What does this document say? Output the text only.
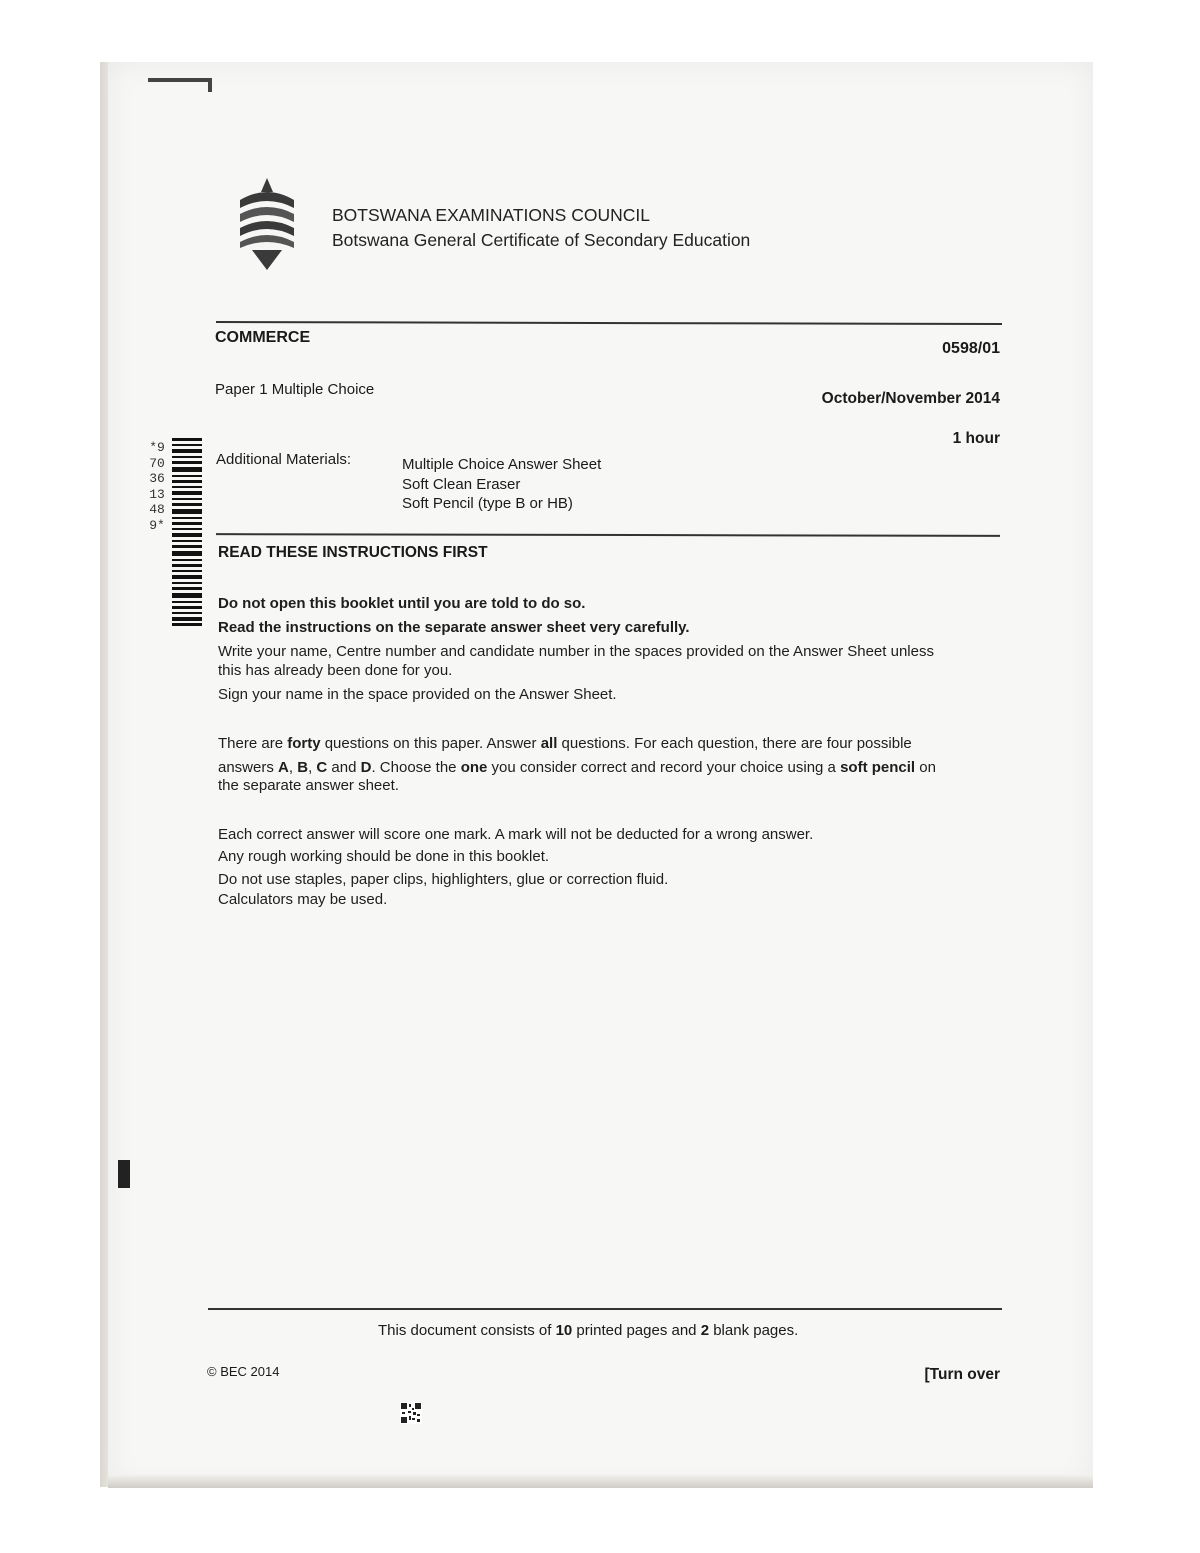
BOTSWANA EXAMINATIONS COUNCIL
Botswana General Certificate of Secondary Education
COMMERCE
0598/01
Paper 1 Multiple Choice
October/November 2014
1 hour
Additional Materials:	Multiple Choice Answer Sheet
Soft Clean Eraser
Soft Pencil (type B or HB)
*9703613489*
READ THESE INSTRUCTIONS FIRST
Do not open this booklet until you are told to do so.
Read the instructions on the separate answer sheet very carefully.
Write your name, Centre number and candidate number in the spaces provided on the Answer Sheet unless
this has already been done for you.
Sign your name in the space provided on the Answer Sheet.
There are forty questions on this paper. Answer all questions. For each question, there are four possible
answers A, B, C and D. Choose the one you consider correct and record your choice using a soft pencil on
the separate answer sheet.
Each correct answer will score one mark. A mark will not be deducted for a wrong answer.
Any rough working should be done in this booklet.
Do not use staples, paper clips, highlighters, glue or correction fluid.
Calculators may be used.
This document consists of 10 printed pages and 2 blank pages.
© BEC 2014	[Turn over
